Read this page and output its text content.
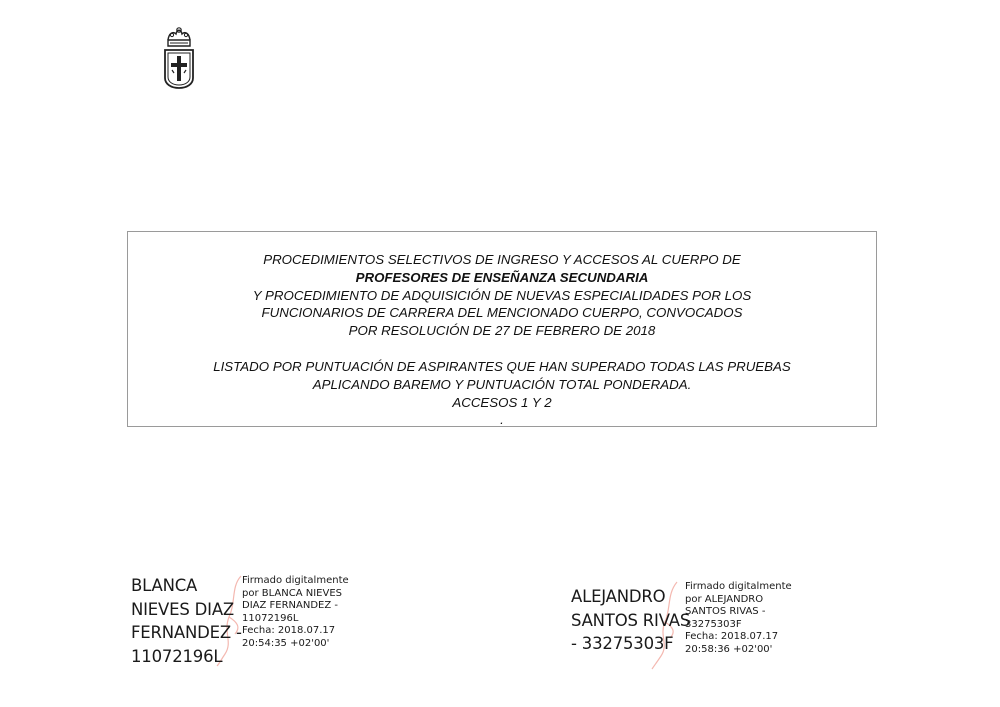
PROCEDIMIENTOS SELECTIVOS DE INGRESO Y ACCESOS AL CUERPO DE
PROFESORES DE ENSEÑANZA SECUNDARIA
Y PROCEDIMIENTO DE ADQUISICIÓN DE NUEVAS ESPECIALIDADES POR LOS
FUNCIONARIOS DE CARRERA DEL MENCIONADO CUERPO, CONVOCADOS
POR RESOLUCIÓN DE 27 DE FEBRERO DE 2018
LISTADO POR PUNTUACIÓN DE ASPIRANTES QUE HAN SUPERADO TODAS LAS PRUEBAS
APLICANDO BAREMO Y PUNTUACIÓN TOTAL PONDERADA.
ACCESOS 1 Y 2
.
BLANCA
NIEVES DIAZ
FERNANDEZ -
11072196L
Firmado digitalmente
por BLANCA NIEVES
DIAZ FERNANDEZ -
11072196L
Fecha: 2018.07.17
20:54:35 +02'00'
ALEJANDRO
SANTOS RIVAS
- 33275303F
Firmado digitalmente
por ALEJANDRO
SANTOS RIVAS -
33275303F
Fecha: 2018.07.17
20:58:36 +02'00'
